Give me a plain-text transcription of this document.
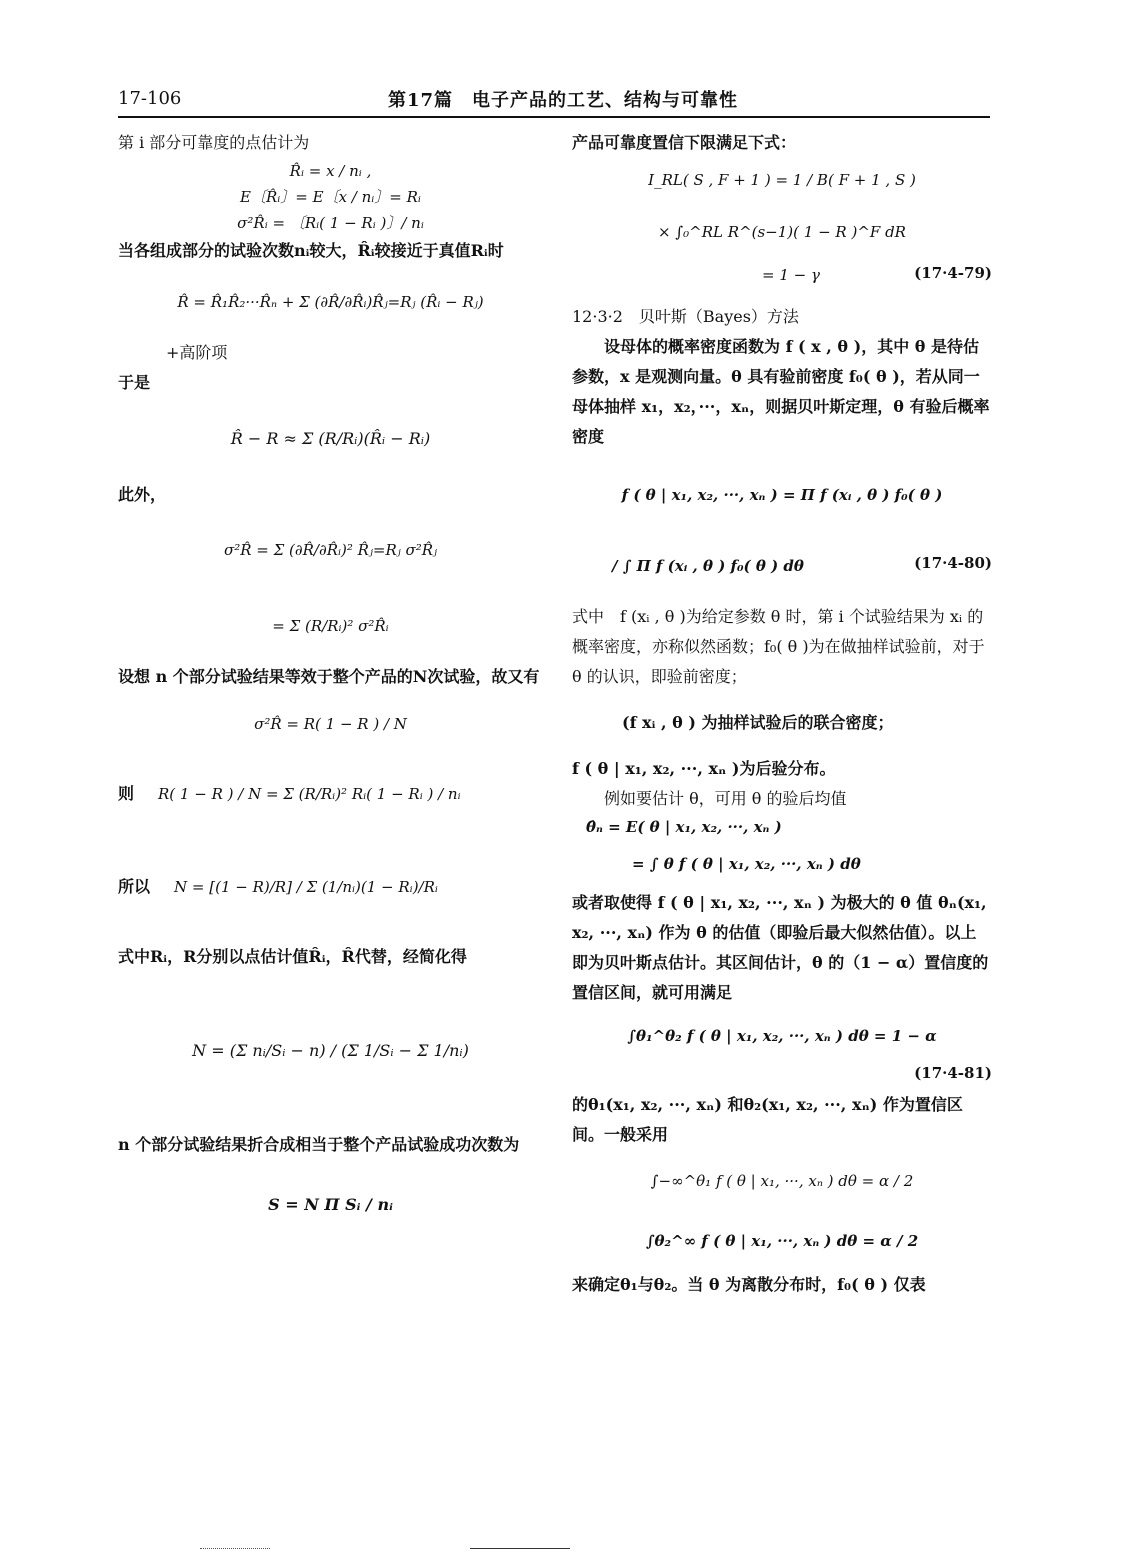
17-106	第17篇　电子产品的工艺、结构与可靠性

第 i 部分可靠度的点估计为

R̂ᵢ = x / nᵢ ,

E〔R̂ᵢ〕= E〔x / nᵢ〕= Rᵢ

σ²R̂ᵢ = 〔Rᵢ( 1 − Rᵢ )〕/ nᵢ

当各组成部分的试验次数nᵢ较大，R̂ᵢ较接近于真值Rᵢ时

R̂ = R̂₁R̂₂···R̂ₙ + Σ (∂R̂/∂R̂ᵢ)R̂ⱼ=Rⱼ (R̂ᵢ − Rⱼ)

+高阶项

于是

R̂ − R ≈ Σ (R/Rᵢ)(R̂ᵢ − Rᵢ)

此外，

σ²R̂ = Σ (∂R̂/∂R̂ᵢ)² R̂ⱼ=Rⱼ σ²R̂ⱼ

= Σ (R/Rᵢ)² σ²R̂ᵢ

设想 n 个部分试验结果等效于整个产品的N次试验，故又有

σ²R̂ = R( 1 − R ) / N

则 R( 1 − R ) / N = Σ (R/Rᵢ)² Rᵢ( 1 − Rᵢ ) / nᵢ
所以 N = [(1 − R)/R] / Σ (1/nᵢ)(1 − Rᵢ)/Rᵢ

式中Rᵢ，R分别以点估计值R̂ᵢ，R̂代替，经简化得

N = (Σ nᵢ/Sᵢ − n) / (Σ 1/Sᵢ − Σ 1/nᵢ)

n 个部分试验结果折合成相当于整个产品试验成功次数为

S = N Π Sᵢ / nᵢ

产品可靠度置信下限满足下式：

I_RL( S , F + 1 ) = 1 / B( F + 1 , S )

× ∫₀^RL R^(s−1)( 1 − R )^F dR

= 1 − γ	(17·4-79)

12·3·2　贝叶斯（Bayes）方法

设母体的概率密度函数为 f ( x , θ )，其中 θ 是待估参数，x 是观测向量。θ 具有验前密度 f₀( θ )，若从同一母体抽样 x₁，x₂，···，xₙ，则据贝叶斯定理，θ 有验后概率密度

f ( θ | x₁, x₂, ···, xₙ ) = Π f (xᵢ , θ ) f₀( θ )

/ ∫ Π f (xᵢ , θ ) f₀( θ ) dθ	(17·4-80)

式中　f (xᵢ , θ )为给定参数 θ 时，第 i 个试验结果为 xᵢ 的概率密度，亦称似然函数；f₀( θ )为在做抽样试验前，对于 θ 的认识，即验前密度；

(f xᵢ , θ ) 为抽样试验后的联合密度；

f ( θ | x₁, x₂, ···, xₙ )为后验分布。

例如要估计 θ，可用 θ 的验后均值

θ̂ₙ = E( θ | x₁, x₂, ···, xₙ )

= ∫ θ f ( θ | x₁, x₂, ···, xₙ ) dθ

或者取使得 f ( θ | x₁, x₂, ···, xₙ ) 为极大的 θ 值 θₙ(x₁, x₂, ···, xₙ) 作为 θ 的估值（即验后最大似然估值）。以上即为贝叶斯点估计。其区间估计，θ 的（1 − α）置信度的置信区间，就可用满足

∫θ₁^θ₂ f ( θ | x₁, x₂, ···, xₙ ) dθ = 1 − α

(17·4-81)

的θ₁(x₁, x₂, ···, xₙ) 和θ₂(x₁, x₂, ···, xₙ) 作为置信区间。一般采用

∫−∞^θ₁ f ( θ | x₁, ···, xₙ ) dθ = α / 2

∫θ₂^∞ f ( θ | x₁, ···, xₙ ) dθ = α / 2

来确定θ₁与θ₂。当 θ 为离散分布时，f₀( θ ) 仅表
